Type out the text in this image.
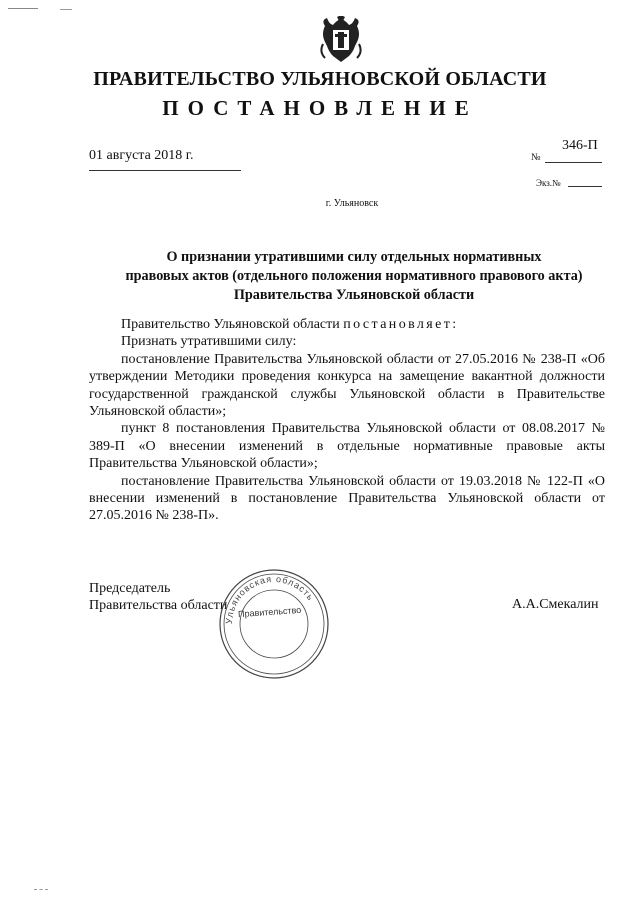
ПРАВИТЕЛЬСТВО УЛЬЯНОВСКОЙ ОБЛАСТИ
ПОСТАНОВЛЕНИЕ
01 августа 2018 г.
346-П
№
Экз.№
г. Ульяновск
О признании утратившими силу отдельных нормативных
правовых актов (отдельного положения нормативного правового акта)
Правительства Ульяновской области

Правительство Ульяновской области постановляет:

Признать утратившими силу:

постановление Правительства Ульяновской области от 27.05.2016 № 238-П «Об утверждении Методики проведения конкурса на замещение вакантной должности государственной гражданской службы Ульяновской области в Правительстве Ульяновской области»;

пункт 8 постановления Правительства Ульяновской области от 08.08.2017 № 389-П «О внесении изменений в отдельные нормативные правовые акты Правительства Ульяновской области»;

постановление Правительства Ульяновской области от 19.03.2018 № 122-П «О внесении изменений в постановление Правительства Ульяновской области от 27.05.2016 № 238-П».

Председатель
Правительства области
Ульяновская область
Правительство	А.А.Смекалин
